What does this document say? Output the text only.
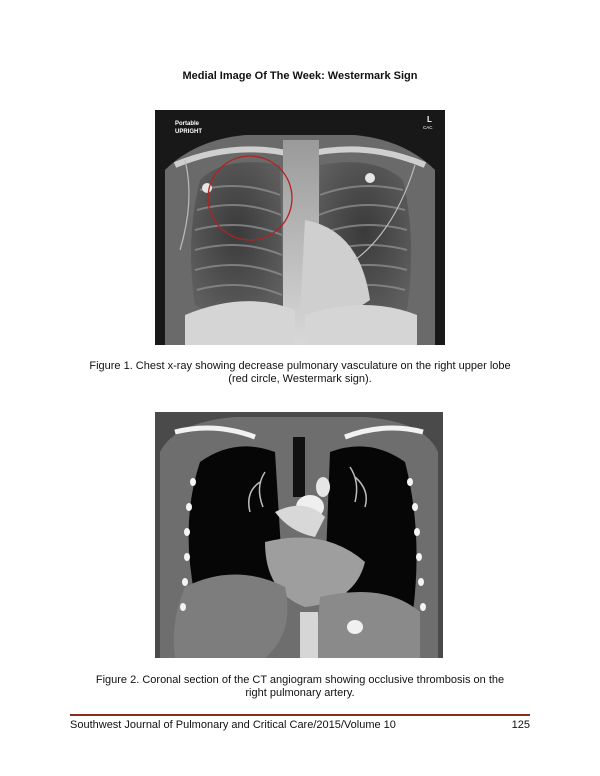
Medial Image Of The Week: Westermark Sign
Portable
UPRIGHT
L
CAC
Figure 1. Chest x-ray showing decrease pulmonary vasculature on the right upper lobe
(red circle, Westermark sign).
Figure 2. Coronal section of the CT angiogram showing occlusive thrombosis on the
right pulmonary artery.
Southwest Journal of Pulmonary and Critical Care/2015/Volume 10	125
